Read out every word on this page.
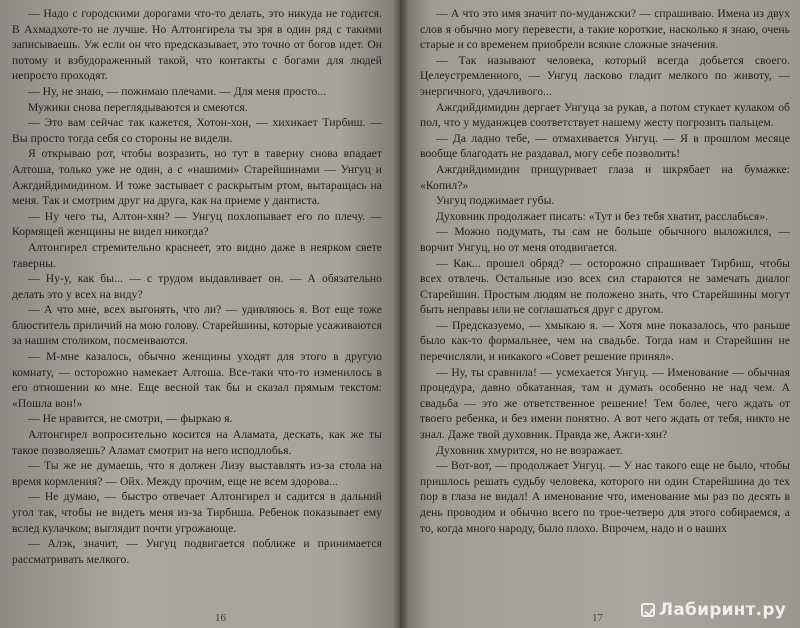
— Надо с городскими дорогами что-то делать, это никуда не годится. В Ахмадхоте-то не лучше. Но Алтонгирела ты зря в один ряд с такими записываешь. Уж если он что предсказывает, это точно от богов идет. Он потому и взбудораженный такой, что контакты с богами для людей непросто проходят.

— Ну, не знаю, — пожимаю плечами. — Для меня просто...

Мужики снова переглядываются и смеются.

— Это вам сейчас так кажется, Хотон-хон, — хихикает Тирбиш. — Вы просто тогда себя со стороны не видели.

Я открываю рот, чтобы возразить, но тут в таверну снова впадает Алтоша, только уже не один, а с «нашими» Старейшинами — Унгуц и Ажгдийдимидином. И тоже застывает с раскрытым ртом, вытаращась на меня. Так и смотрим друг на друга, как на приеме у дантиста.

— Ну чего ты, Алтон-хян? — Унгуц похлопывает его по плечу. — Кормящей женщины не видел никогда?

Алтонгирел стремительно краснеет, это видно даже в неярком свете таверны.

— Ну-у, как бы... — с трудом выдавливает он. — А обязательно делать это у всех на виду?

— А что мне, всех выгонять, что ли? — удивляюсь я. Вот еще тоже блюститель приличий на мою голову. Старейшины, которые усаживаются за нашим столиком, посмеиваются.

— М-мне казалось, обычно женщины уходят для этого в другую комнату, — осторожно намекает Алтоша. Все-таки что-то изменилось в его отношении ко мне. Еще весной так бы и сказал прямым текстом: «Пошла вон!»

— Не нравится, не смотри, — фыркаю я.

Алтонгирел вопросительно косится на Аламата, дескать, как же ты такое позволяешь? Аламат смотрит на него исподлобья.

— Ты же не думаешь, что я должен Лизу выставлять из-за стола на время кормления? — Ойх. Между прочим, еще не всем здорова...

— Не думаю, — быстро отвечает Алтонгирел и садится в дальний угол так, чтобы не видеть меня из-за Тирбиша. Ребенок показывает ему вслед кулачком; выглядит почти угрожающе.

— Алэк, значит, — Унгуц подвигается поближе и принимается рассматривать мелкого.

16

— А что это имя значит по-муданжски? — спрашиваю. Имена из двух слов я обычно могу перевести, а такие короткие, насколько я знаю, очень старые и со временем приобрели всякие сложные значения.

— Так называют человека, который всегда добьется своего. Целеустремленного, — Унгуц ласково гладит мелкого по животу, — энергичного, удачливого...

Ажгдийдимидин дергает Унгуца за рукав, а потом стукает кулаком об пол, что у муданжцев соответствует нашему жесту погрозить пальцем.

— Да ладно тебе, — отмахивается Унгуц. — Я в прошлом месяце вообще благодать не раздавал, могу себе позволить!

Ажгдийдимидин прищуривает глаза и шкрябает на бумажке: «Копил?»

Унгуц поджимает губы.

Духовник продолжает писать: «Тут и без тебя хватит, расслабься».

— Можно подумать, ты сам не больше обычного выложился, — ворчит Унгуц, но от меня отодвигается.

— Как... прошел обряд? — осторожно спрашивает Тирбиш, чтобы всех отвлечь. Остальные изо всех сил стараются не замечать диалог Старейшин. Простым людям не положено знать, что Старейшины могут быть неправы или не соглашаться друг с другом.

— Предсказуемо, — хмыкаю я. — Хотя мне показалось, что раньше было как-то формальнее, чем на свадьбе. Тогда нам и Старейшин не перечисляли, и никакого «Совет решение принял».

— Ну, ты сравнила! — усмехается Унгуц. — Именование — обычная процедура, давно обкатанная, там и думать особенно не над чем. А свадьба — это же ответственное решение! Тем более, чего ждать от твоего ребенка, и без имени понятно. А вот чего ждать от тебя, никто не знал. Даже твой духовник. Правда же, Ажги-хян?

Духовник хмурится, но не возражает.

— Вот-вот, — продолжает Унгуц. — У нас такого еще не было, чтобы пришлось решать судьбу человека, которого ни один Старейшина до тех пор в глаза не видал! А именование что, именование мы раз по десять в день проводим и обычно всего по трое-четверо для этого собираемся, а то, когда много народу, было плохо. Впрочем, надо и о ваших

17	Лабиринт.ру
